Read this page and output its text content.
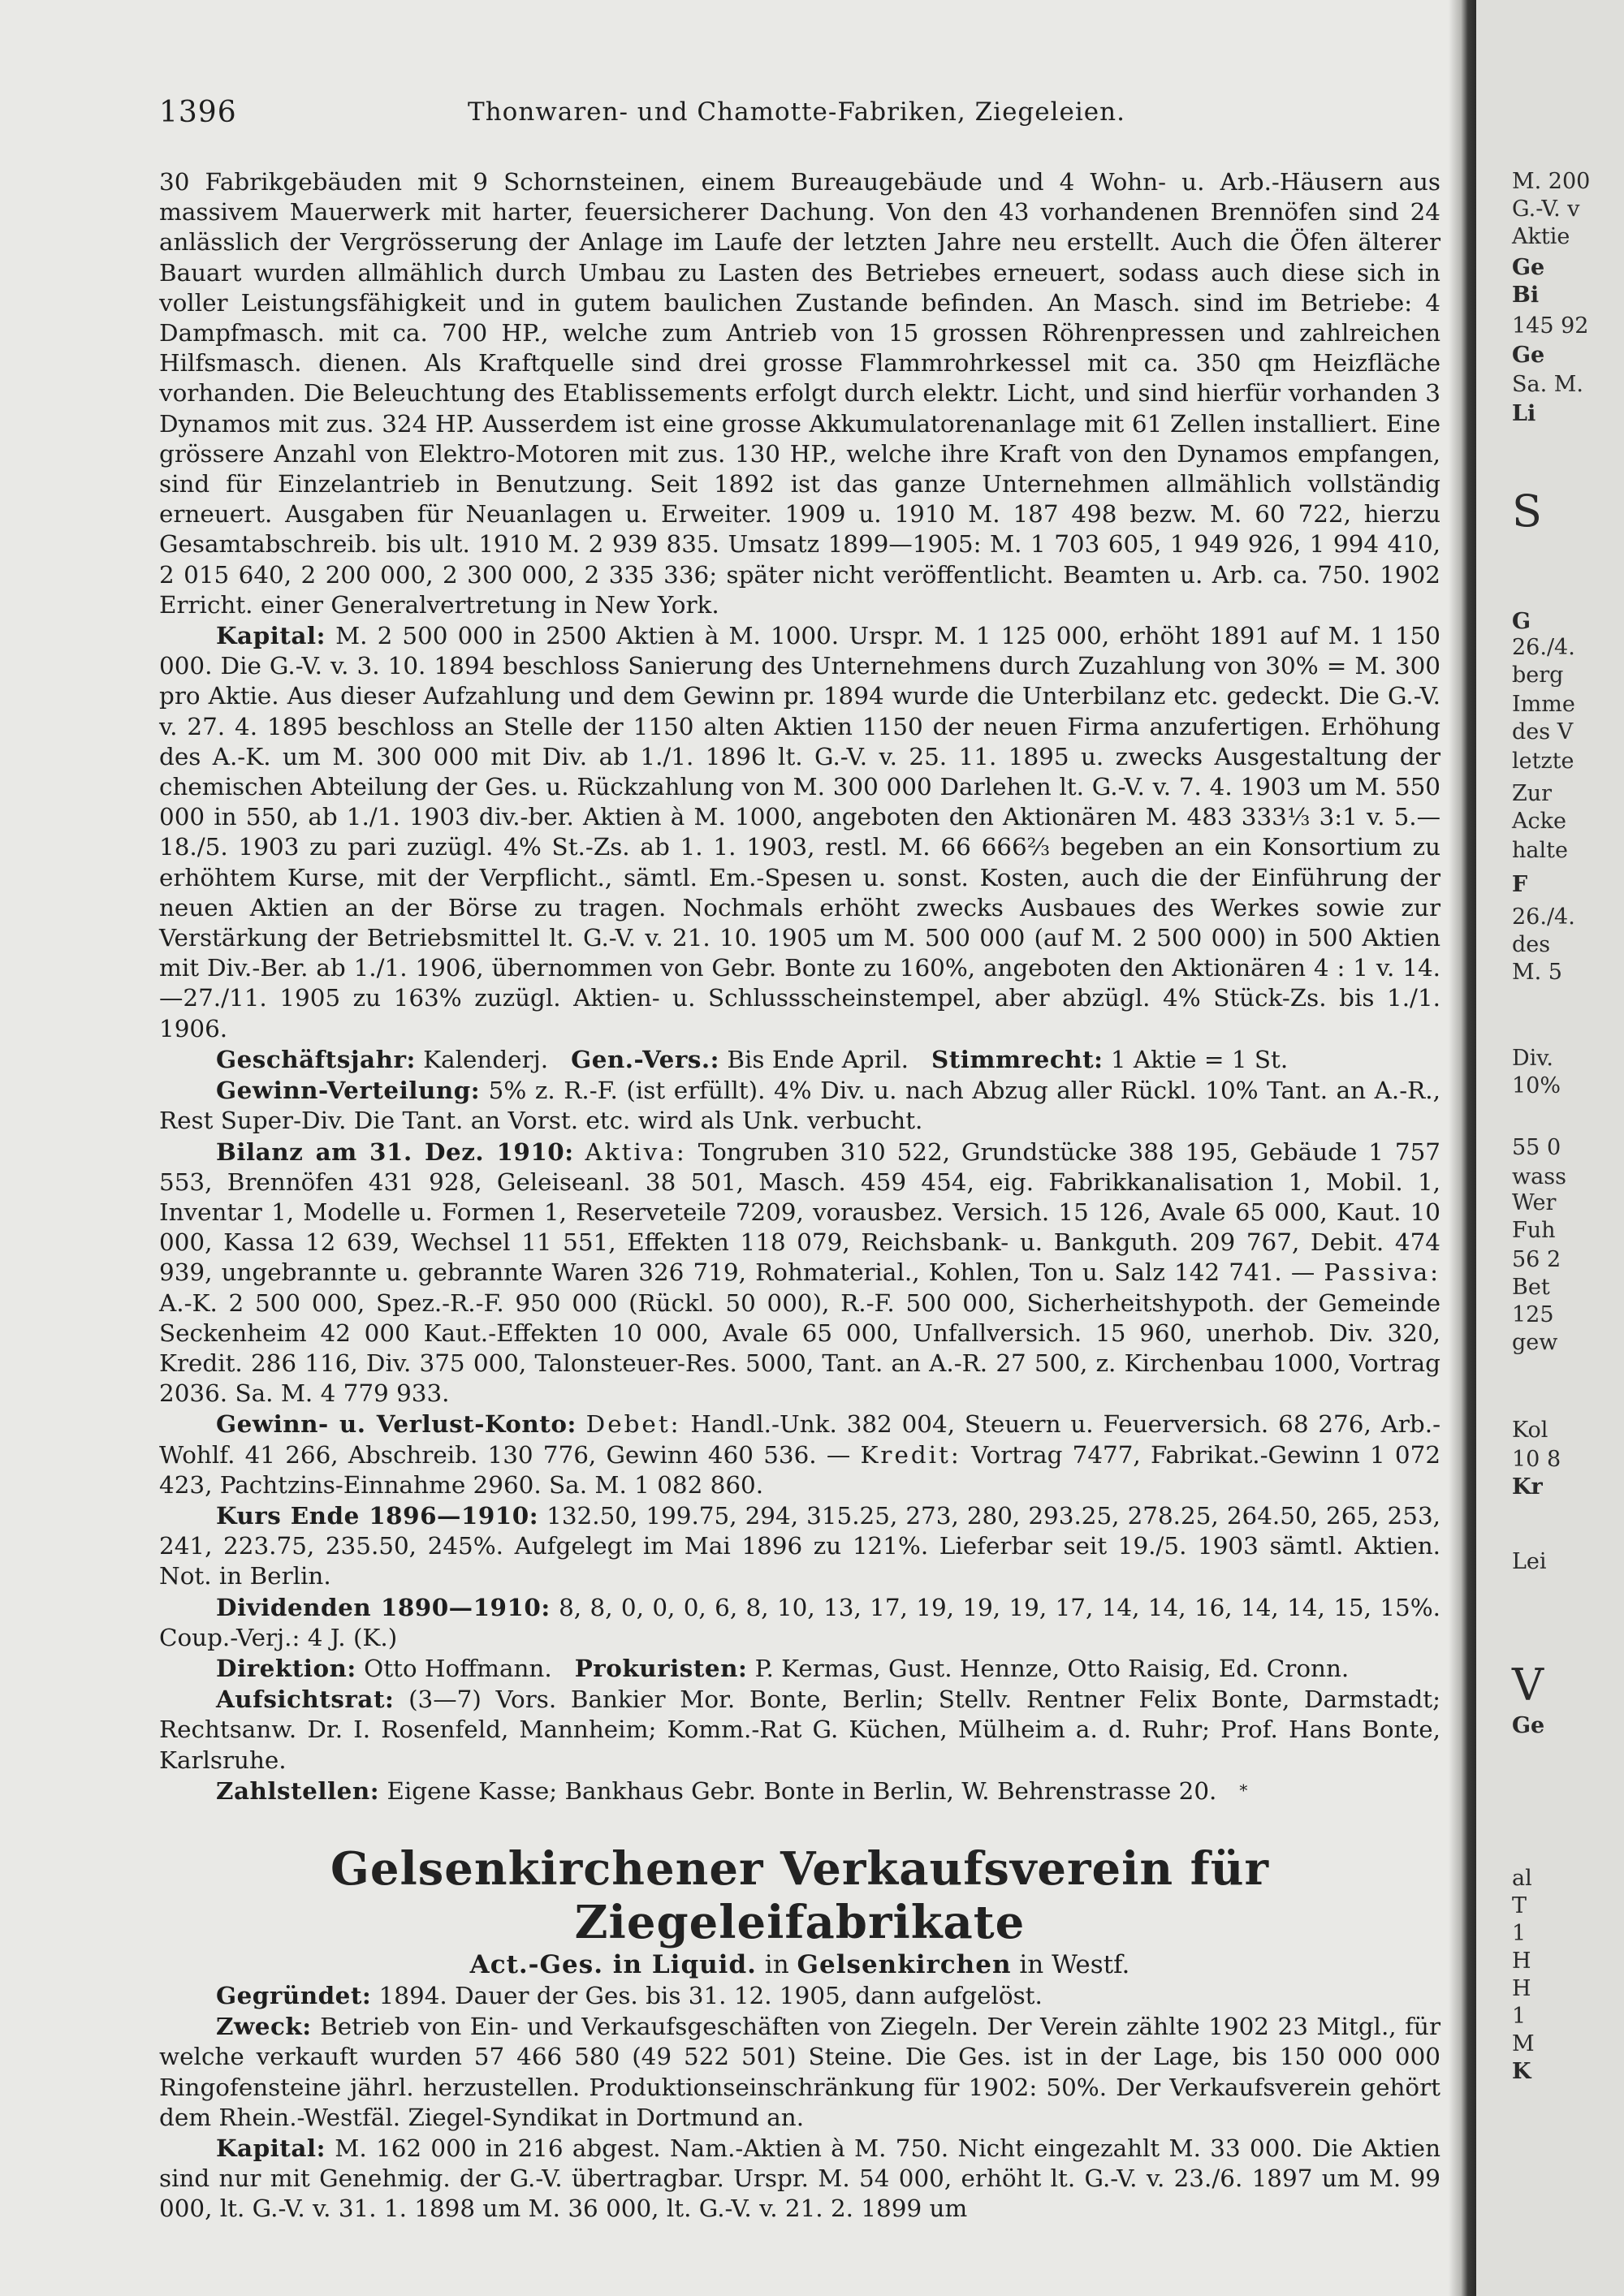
1396	Thonwaren- und Chamotte-Fabriken, Ziegeleien.

30 Fabrikgebäuden mit 9 Schornsteinen, einem Bureaugebäude und 4 Wohn- u. Arb.-Häusern aus massivem Mauerwerk mit harter, feuersicherer Dachung. Von den 43 vorhandenen Brennöfen sind 24 anlässlich der Vergrösserung der Anlage im Laufe der letzten Jahre neu erstellt. Auch die Öfen älterer Bauart wurden allmählich durch Umbau zu Lasten des Betriebes erneuert, sodass auch diese sich in voller Leistungsfähigkeit und in gutem baulichen Zustande befinden. An Masch. sind im Betriebe: 4 Dampfmasch. mit ca. 700 HP., welche zum Antrieb von 15 grossen Röhrenpressen und zahlreichen Hilfsmasch. dienen. Als Kraftquelle sind drei grosse Flammrohrkessel mit ca. 350 qm Heizfläche vorhanden. Die Beleuchtung des Etablissements erfolgt durch elektr. Licht, und sind hierfür vorhanden 3 Dynamos mit zus. 324 HP. Ausserdem ist eine grosse Akkumulatorenanlage mit 61 Zellen installiert. Eine grössere Anzahl von Elektro-Motoren mit zus. 130 HP., welche ihre Kraft von den Dynamos empfangen, sind für Einzelantrieb in Benutzung. Seit 1892 ist das ganze Unternehmen allmählich vollständig erneuert. Ausgaben für Neuanlagen u. Erweiter. 1909 u. 1910 M. 187 498 bezw. M. 60 722, hierzu Gesamtabschreib. bis ult. 1910 M. 2 939 835. Umsatz 1899—1905: M. 1 703 605, 1 949 926, 1 994 410, 2 015 640, 2 200 000, 2 300 000, 2 335 336; später nicht veröffentlicht. Beamten u. Arb. ca. 750. 1902 Erricht. einer Generalvertretung in New York.

Kapital: M. 2 500 000 in 2500 Aktien à M. 1000. Urspr. M. 1 125 000, erhöht 1891 auf M. 1 150 000. Die G.-V. v. 3. 10. 1894 beschloss Sanierung des Unternehmens durch Zuzahlung von 30% = M. 300 pro Aktie. Aus dieser Aufzahlung und dem Gewinn pr. 1894 wurde die Unterbilanz etc. gedeckt. Die G.-V. v. 27. 4. 1895 beschloss an Stelle der 1150 alten Aktien 1150 der neuen Firma anzufertigen. Erhöhung des A.-K. um M. 300 000 mit Div. ab 1./1. 1896 lt. G.-V. v. 25. 11. 1895 u. zwecks Ausgestaltung der chemischen Abteilung der Ges. u. Rückzahlung von M. 300 000 Darlehen lt. G.-V. v. 7. 4. 1903 um M. 550 000 in 550, ab 1./1. 1903 div.-ber. Aktien à M. 1000, angeboten den Aktionären M. 483 333⅓ 3:1 v. 5.—18./5. 1903 zu pari zuzügl. 4% St.-Zs. ab 1. 1. 1903, restl. M. 66 666⅔ begeben an ein Konsortium zu erhöhtem Kurse, mit der Verpflicht., sämtl. Em.-Spesen u. sonst. Kosten, auch die der Einführung der neuen Aktien an der Börse zu tragen. Nochmals erhöht zwecks Ausbaues des Werkes sowie zur Verstärkung der Betriebsmittel lt. G.-V. v. 21. 10. 1905 um M. 500 000 (auf M. 2 500 000) in 500 Aktien mit Div.-Ber. ab 1./1. 1906, übernommen von Gebr. Bonte zu 160%, angeboten den Aktionären 4 : 1 v. 14.—27./11. 1905 zu 163% zuzügl. Aktien- u. Schlussscheinstempel, aber abzügl. 4% Stück-Zs. bis 1./1. 1906.

Geschäftsjahr: Kalenderj. Gen.-Vers.: Bis Ende April. Stimmrecht: 1 Aktie = 1 St.

Gewinn-Verteilung: 5% z. R.-F. (ist erfüllt). 4% Div. u. nach Abzug aller Rückl. 10% Tant. an A.-R., Rest Super-Div. Die Tant. an Vorst. etc. wird als Unk. verbucht.

Bilanz am 31. Dez. 1910: Aktiva: Tongruben 310 522, Grundstücke 388 195, Gebäude 1 757 553, Brennöfen 431 928, Geleiseanl. 38 501, Masch. 459 454, eig. Fabrikkanalisation 1, Mobil. 1, Inventar 1, Modelle u. Formen 1, Reserveteile 7209, vorausbez. Versich. 15 126, Avale 65 000, Kaut. 10 000, Kassa 12 639, Wechsel 11 551, Effekten 118 079, Reichsbank- u. Bankguth. 209 767, Debit. 474 939, ungebrannte u. gebrannte Waren 326 719, Rohmaterial., Kohlen, Ton u. Salz 142 741. — Passiva: A.-K. 2 500 000, Spez.-R.-F. 950 000 (Rückl. 50 000), R.-F. 500 000, Sicherheitshypoth. der Gemeinde Seckenheim 42 000 Kaut.-Effekten 10 000, Avale 65 000, Unfallversich. 15 960, unerhob. Div. 320, Kredit. 286 116, Div. 375 000, Talonsteuer-Res. 5000, Tant. an A.-R. 27 500, z. Kirchenbau 1000, Vortrag 2036. Sa. M. 4 779 933.

Gewinn- u. Verlust-Konto: Debet: Handl.-Unk. 382 004, Steuern u. Feuerversich. 68 276, Arb.-Wohlf. 41 266, Abschreib. 130 776, Gewinn 460 536. — Kredit: Vortrag 7477, Fabrikat.-Gewinn 1 072 423, Pachtzins-Einnahme 2960. Sa. M. 1 082 860.

Kurs Ende 1896—1910: 132.50, 199.75, 294, 315.25, 273, 280, 293.25, 278.25, 264.50, 265, 253, 241, 223.75, 235.50, 245%. Aufgelegt im Mai 1896 zu 121%. Lieferbar seit 19./5. 1903 sämtl. Aktien. Not. in Berlin.

Dividenden 1890—1910: 8, 8, 0, 0, 0, 6, 8, 10, 13, 17, 19, 19, 19, 17, 14, 14, 16, 14, 14, 15, 15%. Coup.-Verj.: 4 J. (K.)

Direktion: Otto Hoffmann. Prokuristen: P. Kermas, Gust. Hennze, Otto Raisig, Ed. Cronn.

Aufsichtsrat: (3—7) Vors. Bankier Mor. Bonte, Berlin; Stellv. Rentner Felix Bonte, Darmstadt; Rechtsanw. Dr. I. Rosenfeld, Mannheim; Komm.-Rat G. Küchen, Mülheim a. d. Ruhr; Prof. Hans Bonte, Karlsruhe.

Zahlstellen: Eigene Kasse; Bankhaus Gebr. Bonte in Berlin, W. Behrenstrasse 20. *

Gelsenkirchener Verkaufsverein für Ziegeleifabrikate
Act.-Ges. in Liquid. in Gelsenkirchen in Westf.

Gegründet: 1894. Dauer der Ges. bis 31. 12. 1905, dann aufgelöst.

Zweck: Betrieb von Ein- und Verkaufsgeschäften von Ziegeln. Der Verein zählte 1902 23 Mitgl., für welche verkauft wurden 57 466 580 (49 522 501) Steine. Die Ges. ist in der Lage, bis 150 000 000 Ringofensteine jährl. herzustellen. Produktionseinschränkung für 1902: 50%. Der Verkaufsverein gehört dem Rhein.-Westfäl. Ziegel-Syndikat in Dortmund an.

Kapital: M. 162 000 in 216 abgest. Nam.-Aktien à M. 750. Nicht eingezahlt M. 33 000. Die Aktien sind nur mit Genehmig. der G.-V. übertragbar. Urspr. M. 54 000, erhöht lt. G.-V. v. 23./6. 1897 um M. 99 000, lt. G.-V. v. 31. 1. 1898 um M. 36 000, lt. G.-V. v. 21. 2. 1899 um

M. 200
G.-V. v
Aktie
Ge
Bi
145 92
Ge
Sa. M.
Li
S
G
26./4.
berg
Imme
des V
letzte
Zur
Acke
halte
F
26./4.
des
M. 5
Div.
10%
55 0
wass
Wer
Fuh
56 2
Bet
125
gew
Kol
10 8
Kr
Lei
V
Ge
al
T
1
H
H
1
M
K
